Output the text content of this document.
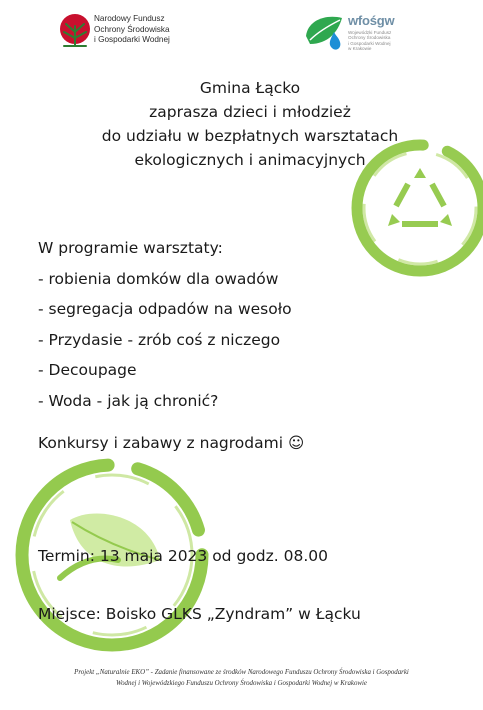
Narodowy Fundusz
Ochrony Środowiska
i Gospodarki Wodnej
wfośgw
Wojewódzki Fundusz
Ochrony Środowiska
i Gospodarki Wodnej
w Krakowie
Gmina Łącko
zaprasza dzieci i młodzież
do udziału w bezpłatnych warsztatach
ekologicznych i animacyjnych
W programie warsztaty:
- robienia domków dla owadów
- segregacja odpadów na wesoło
- Przydasie - zrób coś z niczego
- Decoupage
- Woda - jak ją chronić?
Konkursy i zabawy z nagrodami ☺
Termin: 13 maja 2023 od godz. 08.00
Miejsce: Boisko GLKS „Zyndram” w Łącku
Projekt „Naturalnie EKO” - Zadanie finansowane ze środków Narodowego Funduszu Ochrony Środowiska i Gospodarki
Wodnej i Wojewódzkiego Funduszu Ochrony Środowiska i Gospodarki Wodnej w Krakowie
